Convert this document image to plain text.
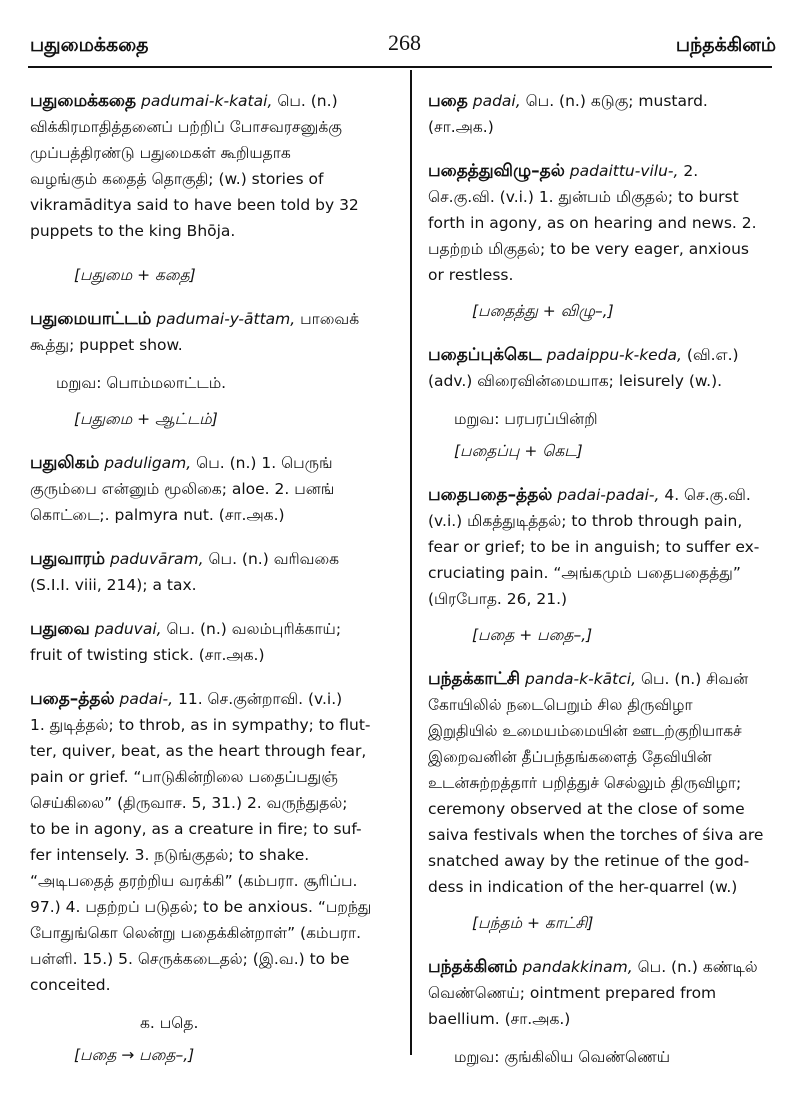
பதுமைக்கதை	268	பந்தக்கினம்
பதுமைக்கதை padumai-k-katai, பெ. (n.)
விக்கிரமாதித்தனைப் பற்றிப் போசவரசனுக்கு
முப்பத்திரண்டு பதுமைகள் கூறியதாக
வழங்கும் கதைத் தொகுதி; (w.) stories of
vikramāditya said to have been told by 32
puppets to the king Bhōja.
[பதுமை + கதை]
பதுமையாட்டம் padumai-y-āttam, பாவைக்
கூத்து; puppet show.
மறுவ: பொம்மலாட்டம்.
[பதுமை + ஆட்டம்]
பதுலிகம் paduligam, பெ. (n.) 1. பெருங்
குரும்பை என்னும் மூலிகை; aloe. 2. பனங்
கொட்டை;. palmyra nut. (சா.அக.)
பதுவாரம் paduvāram, பெ. (n.) வரிவகை
(S.I.I. viii, 214); a tax.
பதுவை paduvai, பெ. (n.) வலம்புரிக்காய்;
fruit of twisting stick. (சா.அக.)
பதை–த்தல் padai-, 11. செ.குன்றாவி. (v.i.)
1. துடித்தல்; to throb, as in sympathy; to flut-
ter, quiver, beat, as the heart through fear,
pain or grief. “பாடுகின்றிலை பதைப்பதுஞ்
செய்கிலை” (திருவாச. 5, 31.) 2. வருந்துதல்;
to be in agony, as a creature in fire; to suf-
fer intensely. 3. நடுங்குதல்; to shake.
“அடிபதைத் தரற்றிய வரக்கி” (கம்பரா. சூரிப்ப.
97.) 4. பதற்றப் படுதல்; to be anxious. “பறந்து
போதுங்கொ லென்று பதைக்கின்றாள்” (கம்பரா.
பள்ளி. 15.) 5. செருக்கடைதல்; (இ.வ.) to be
conceited.
க. பதெ.
[பதை → பதை–,]
பதை padai, பெ. (n.) கடுகு; mustard.
(சா.அக.)
பதைத்துவிழு–தல் padaittu-vilu-, 2.
செ.கு.வி. (v.i.) 1. துன்பம் மிகுதல்; to burst
forth in agony, as on hearing and news. 2.
பதற்றம் மிகுதல்; to be very eager, anxious
or restless.
[பதைத்து + விழு–,]
பதைப்புக்கெட padaippu-k-keda, (வி.எ.)
(adv.) விரைவின்மையாக; leisurely (w.).
மறுவ: பரபரப்பின்றி
[பதைப்பு + கெட]
பதைபதை–த்தல் padai-padai-, 4. செ.கு.வி.
(v.i.) மிகத்துடித்தல்; to throb through pain,
fear or grief; to be in anguish; to suffer ex-
cruciating pain. “அங்கமும் பதைபதைத்து”
(பிரபோத. 26, 21.)
[பதை + பதை–,]
பந்தக்காட்சி panda-k-kātci, பெ. (n.) சிவன்
கோயிலில் நடைபெறும் சில திருவிழா
இறுதியில் உமையம்மையின் ஊடற்குறியாகச்
இறைவனின் தீப்பந்தங்களைத் தேவியின்
உடன்சுற்றத்தார் பறித்துச் செல்லும் திருவிழா;
ceremony observed at the close of some
saiva festivals when the torches of śiva are
snatched away by the retinue of the god-
dess in indication of the her-quarrel (w.)
[பந்தம் + காட்சி]
பந்தக்கினம் pandakkinam, பெ. (n.) கண்டில்
வெண்ணெய்; ointment prepared from
baellium. (சா.அக.)
மறுவ: குங்கிலிய வெண்ணெய்
